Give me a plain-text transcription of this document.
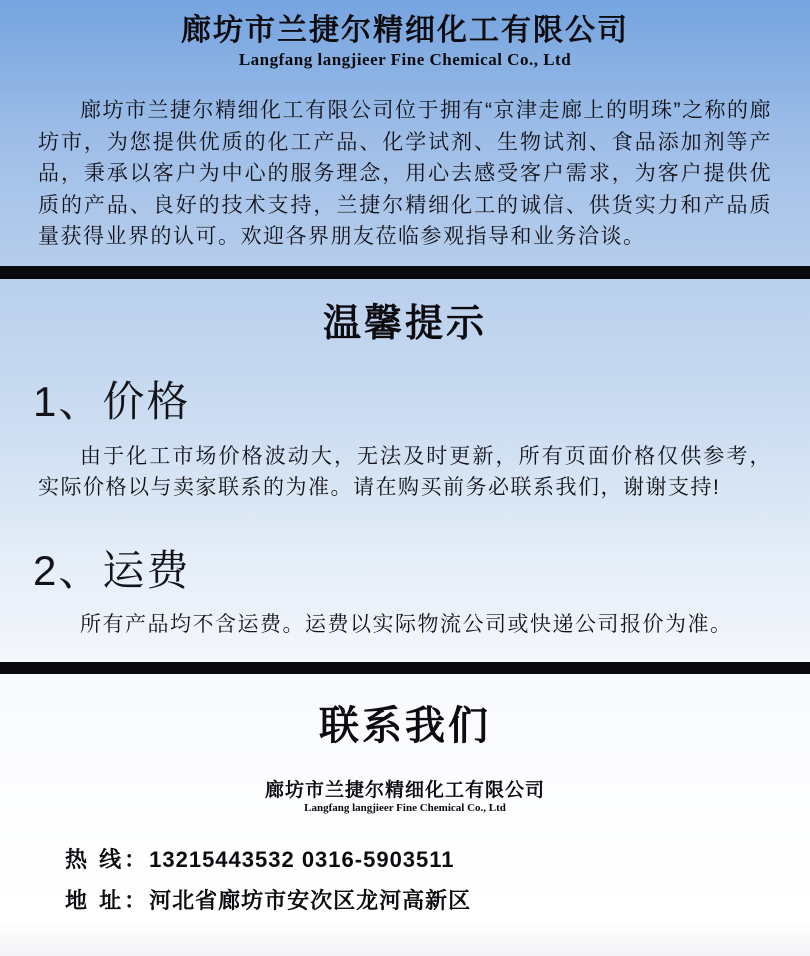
廊坊市兰捷尔精细化工有限公司
Langfang langjieer Fine Chemical Co., Ltd

廊坊市兰捷尔精细化工有限公司位于拥有“京津走廊上的明珠”之称的廊坊市，为您提供优质的化工产品、化学试剂、生物试剂、食品添加剂等产品，秉承以客户为中心的服务理念，用心去感受客户需求，为客户提供优质的产品、良好的技术支持，兰捷尔精细化工的诚信、供货实力和产品质量获得业界的认可。欢迎各界朋友莅临参观指导和业务洽谈。

温馨提示
1、价格

由于化工市场价格波动大，无法及时更新，所有页面价格仅供参考，实际价格以与卖家联系的为准。请在购买前务必联系我们，谢谢支持!

2、运费

所有产品均不含运费。运费以实际物流公司或快递公司报价为准。

联系我们
廊坊市兰捷尔精细化工有限公司
Langfang langjieer Fine Chemical Co., Ltd
热 线：13215443532 0316-5903511
地 址：河北省廊坊市安次区龙河高新区
